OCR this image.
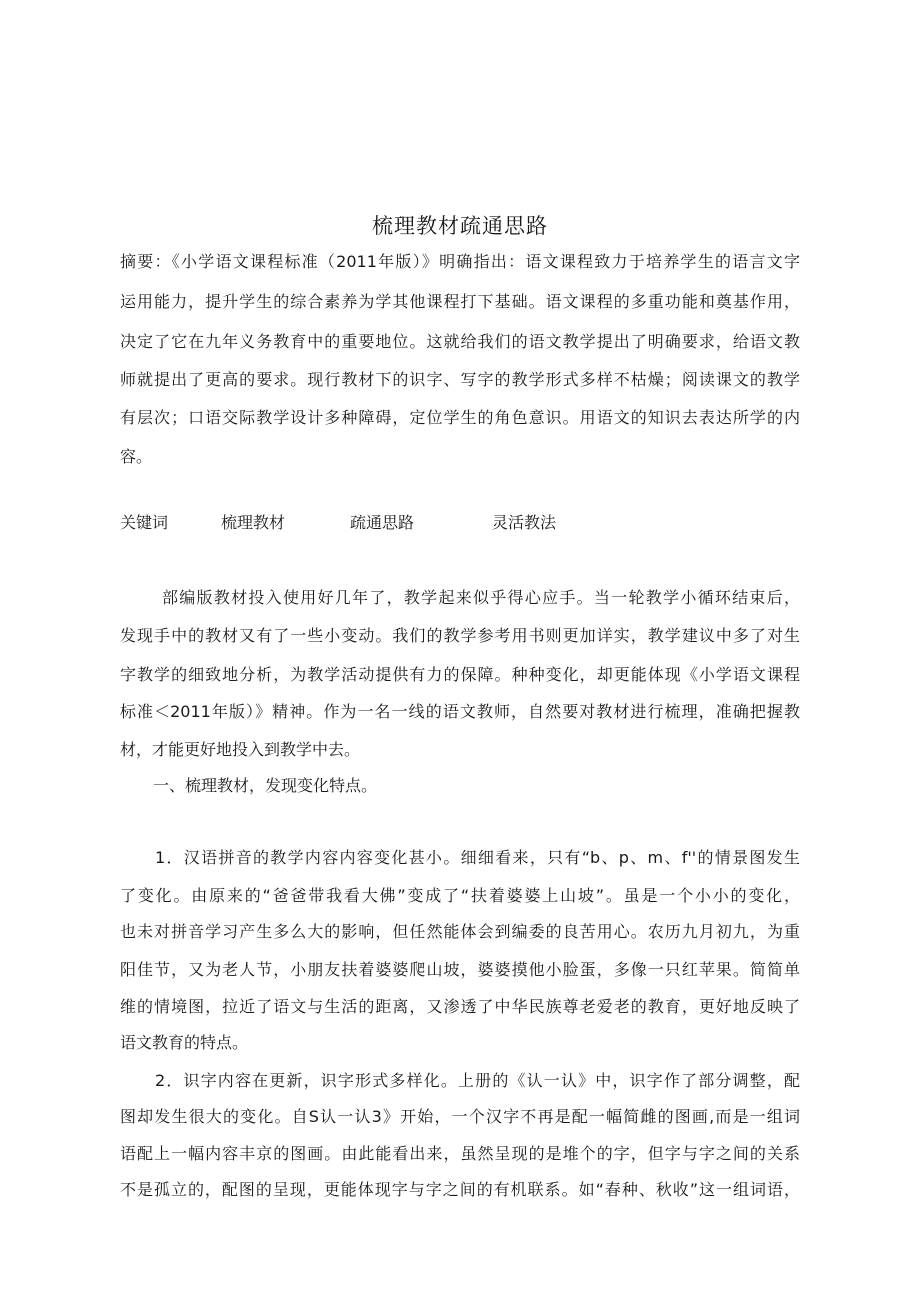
梳理教材疏通思路

摘要：《小学语文课程标准（2011年版）》明确指出：语文课程致力于培养学生的语言文字

运用能力，提升学生的综合素养为学其他课程打下基础。语文课程的多重功能和奠基作用，

决定了它在九年义务教育中的重要地位。这就给我们的语文教学提出了明确要求，给语文教

师就提出了更高的要求。现行教材下的识字、写字的教学形式多样不枯燥；阅读课文的教学

有层次；口语交际教学设计多种障碍，定位学生的角色意识。用语文的知识去表达所学的内

容。

关键词	梳理教材	疏通思路	灵活教法

部编版教材投入使用好几年了，教学起来似乎得心应手。当一轮教学小循环结束后，

发现手中的教材又有了一些小变动。我们的教学参考用书则更加详实，教学建议中多了对生

字教学的细致地分析，为教学活动提供有力的保障。种种变化，却更能体现《小学语文课程

标准＜2011年版）》精神。作为一名一线的语文教师，自然要对教材进行梳理，准确把握教

材，才能更好地投入到教学中去。

一、梳理教材，发现变化特点。

1．汉语拼音的教学内容内容变化甚小。细细看来，只有“b、p、m、f''的情景图发生

了变化。由原来的“爸爸带我看大佛”变成了“扶着婆婆上山坡”。虽是一个小小的变化，

也未对拼音学习产生多么大的影响，但任然能体会到编委的良苦用心。农历九月初九，为重

阳佳节，又为老人节，小朋友扶着婆婆爬山坡，婆婆摸他小脸蛋，多像一只红苹果。简简单

维的情境图，拉近了语文与生活的距离，又渗透了中华民族尊老爱老的教育，更好地反映了

语文教育的特点。

2．识字内容在更新，识字形式多样化。上册的《认一认》中，识字作了部分调整，配

图却发生很大的变化。自S认一认3》开始，一个汉字不再是配一幅简雌的图画,而是一组词

语配上一幅内容丰京的图画。由此能看出来，虽然呈现的是堆个的字，但字与字之间的关系

不是孤立的，配图的呈现，更能体现字与字之间的有机联系。如“春种、秋收”这一组词语，
